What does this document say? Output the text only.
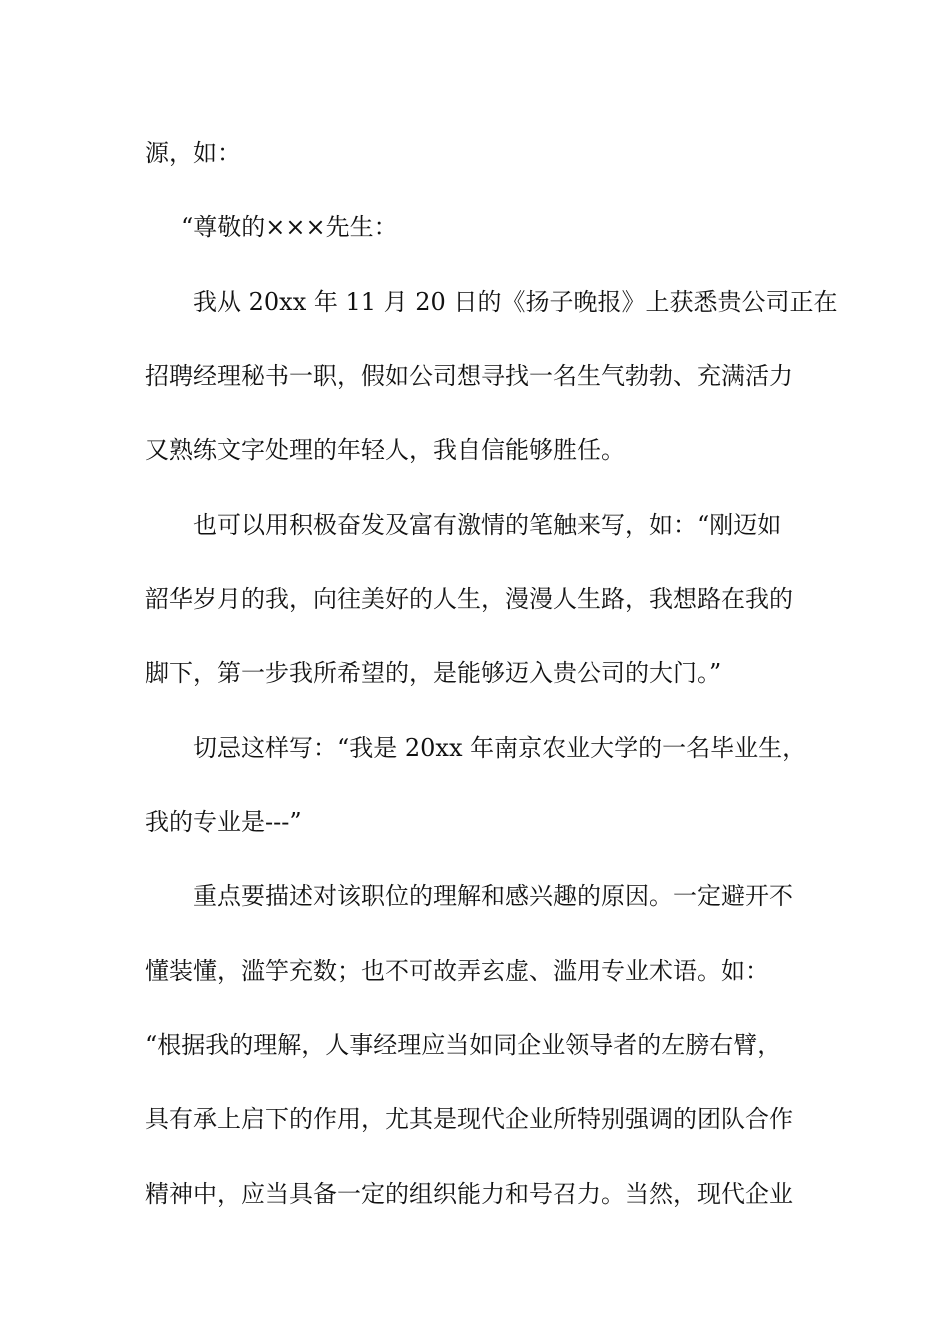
源，如：
“尊敬的×××先生：
我从 20xx 年 11 月 20 日的《扬子晚报》上获悉贵公司正在
招聘经理秘书一职，假如公司想寻找一名生气勃勃、充满活力
又熟练文字处理的年轻人，我自信能够胜任。
也可以用积极奋发及富有激情的笔触来写，如：“刚迈如
韶华岁月的我，向往美好的人生，漫漫人生路，我想路在我的
脚下，第一步我所希望的，是能够迈入贵公司的大门。”
切忌这样写：“我是 20xx 年南京农业大学的一名毕业生，
我的专业是---”
重点要描述对该职位的理解和感兴趣的原因。一定避开不
懂装懂，滥竽充数；也不可故弄玄虚、滥用专业术语。如：
“根据我的理解，人事经理应当如同企业领导者的左膀右臂，
具有承上启下的作用，尤其是现代企业所特别强调的团队合作
精神中，应当具备一定的组织能力和号召力。当然，现代企业
